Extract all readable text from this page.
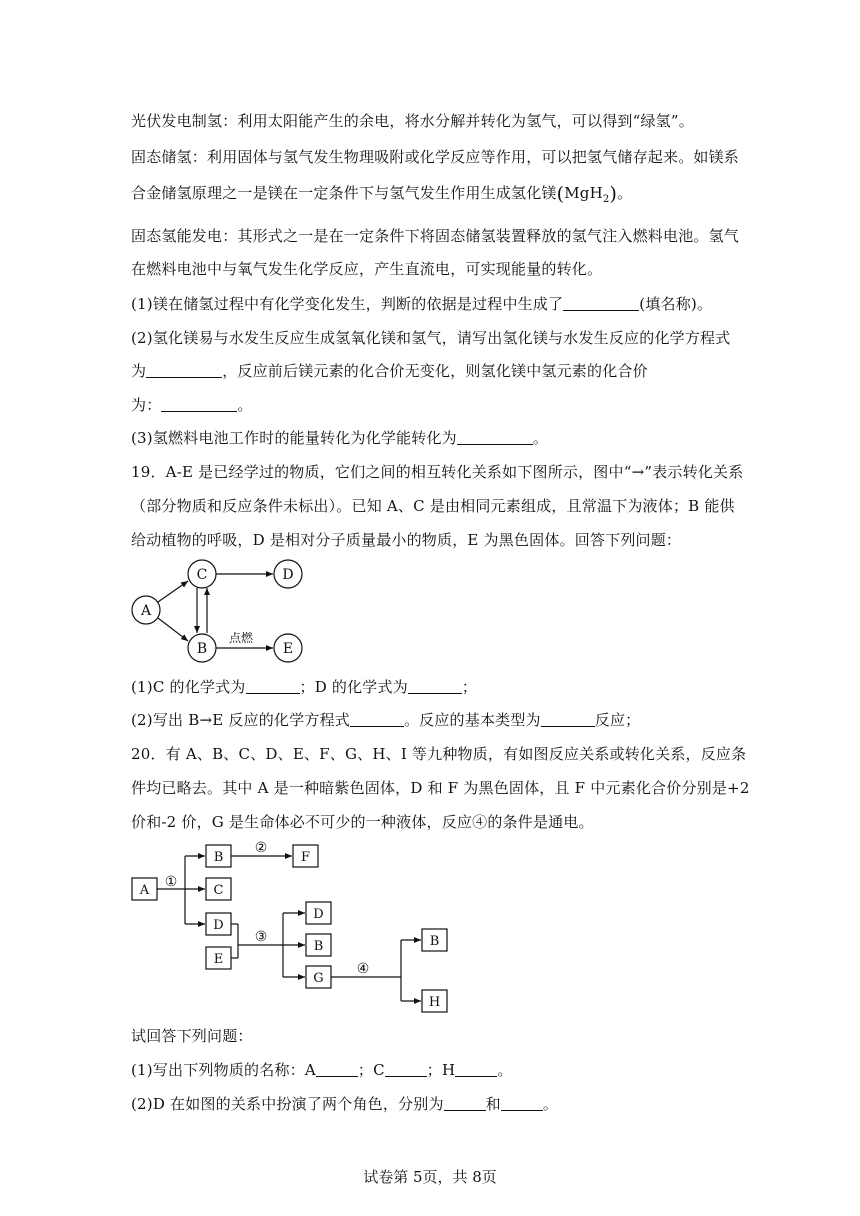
光伏发电制氢：利用太阳能产生的余电，将水分解并转化为氢气，可以得到“绿氢”。
固态储氢：利用固体与氢气发生物理吸附或化学反应等作用，可以把氢气储存起来。如镁系
合金储氢原理之一是镁在一定条件下与氢气发生作用生成氢化镁(MgH$_2$)。
固态氢能发电：其形式之一是在一定条件下将固态储氢装置释放的氢气注入燃料电池。氢气
在燃料电池中与氧气发生化学反应，产生直流电，可实现能量的转化。
(1)镁在储氢过程中有化学变化发生，判断的依据是过程中生成了	(填名称)。
(2)氢化镁易与水发生反应生成氢氧化镁和氢气，请写出氢化镁与水发生反应的化学方程式
为	，反应前后镁元素的化合价无变化，则氢化镁中氢元素的化合价
为：	。
(3)氢燃料电池工作时的能量转化为化学能转化为	。
19．A-E 是已经学过的物质，它们之间的相互转化关系如下图所示，图中“→”表示转化关系
（部分物质和反应条件未标出）。已知 A、C 是由相同元素组成，且常温下为液体；B 能供
给动植物的呼吸，D 是相对分子质量最小的物质，E 为黑色固体。回答下列问题：
A
C	D
B	E
点燃
(1)C 的化学式为	；D 的化学式为	；
(2)写出 B→E 反应的化学方程式	。反应的基本类型为	反应；
20．有 A、B、C、D、E、F、G、H、I 等九种物质，有如图反应关系或转化关系，反应条
件均已略去。其中 A 是一种暗紫色固体，D 和 F 为黑色固体，且 F 中元素化合价分别是+2
价和-2 价，G 是生命体必不可少的一种液体，反应④的条件是通电。
A
B	F
C
D
E
D
B
G
B
H
①
②
③
④
试回答下列问题：
(1)写出下列物质的名称：A	；C	；H	。
(2)D 在如图的关系中扮演了两个角色，分别为	和	。
试卷第 5页，共 8页
